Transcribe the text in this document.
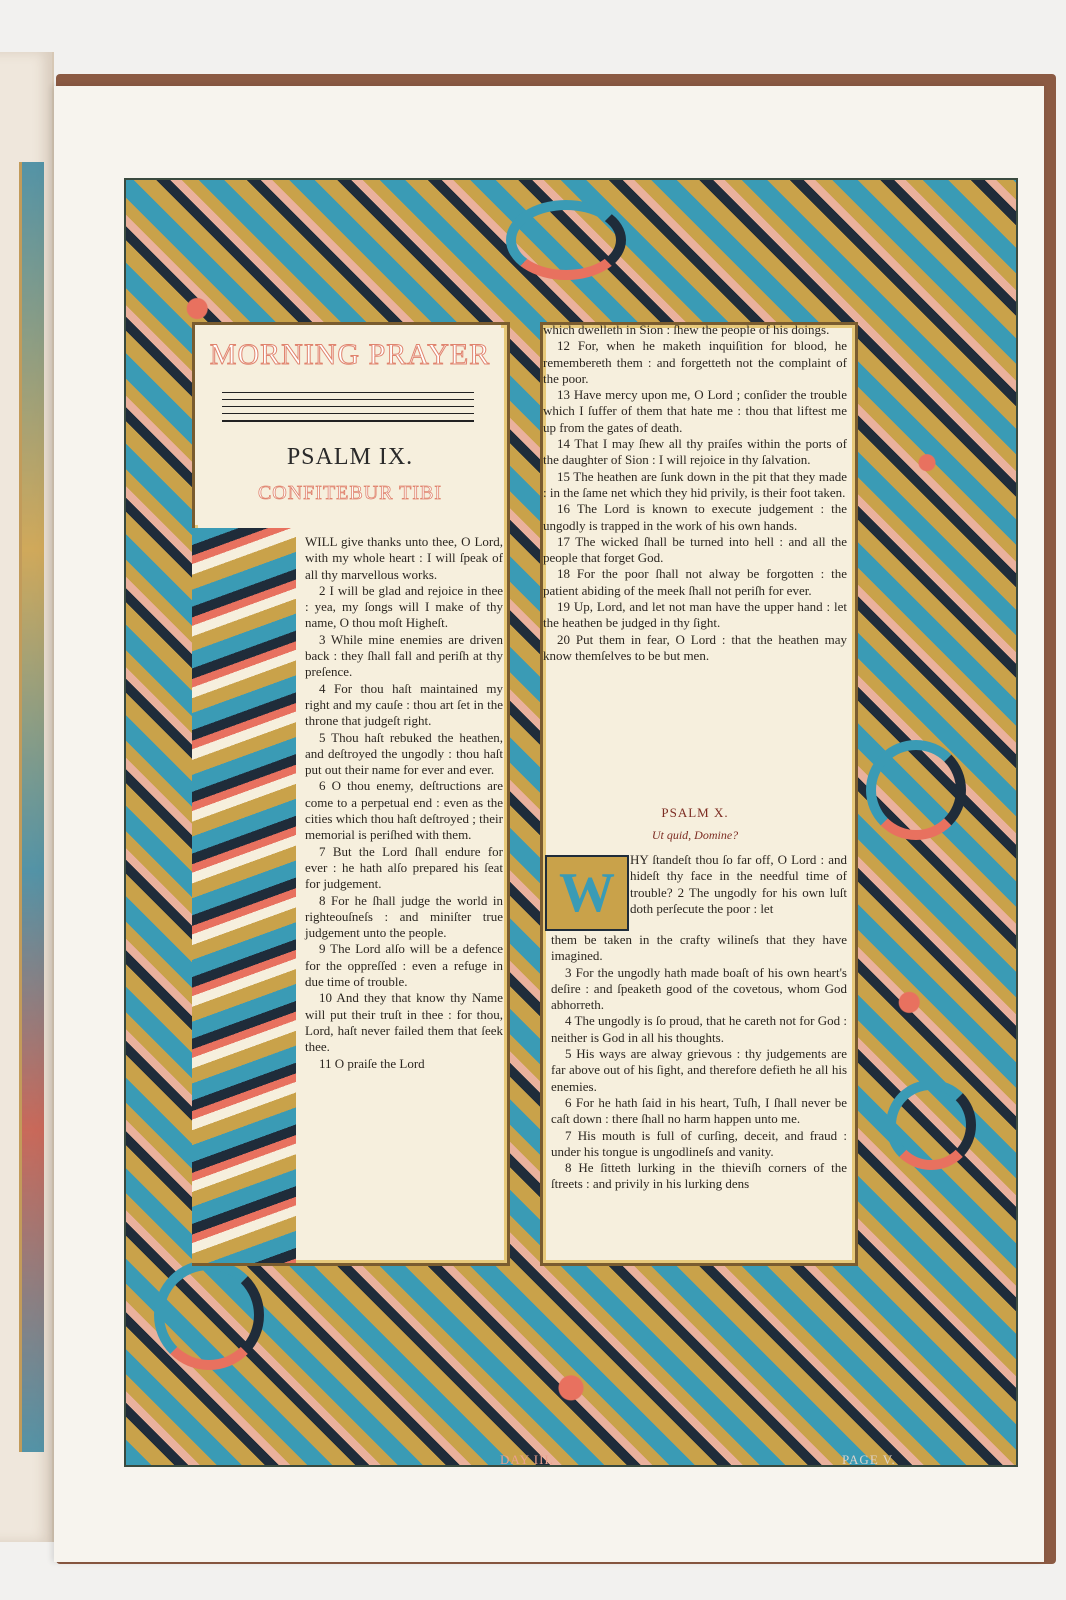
MORNING PRAYER
PSALM IX.
CONFITEBUR TIBI

WILL give thanks unto thee, O Lord, with my whole heart : I will ſpeak of all thy marvellous works.

2 I will be glad and rejoice in thee : yea, my ſongs will I make of thy name, O thou moſt Higheſt.

3 While mine enemies are driven back : they ſhall fall and periſh at thy preſence.

4 For thou haſt maintained my right and my cauſe : thou art ſet in the throne that judgeſt right.

5 Thou haſt rebuked the heathen, and deſtroyed the ungodly : thou haſt put out their name for ever and ever.

6 O thou enemy, deſtructions are come to a perpetual end : even as the cities which thou haſt deſtroyed ; their memorial is periſhed with them.

7 But the Lord ſhall endure for ever : he hath alſo prepared his ſeat for judgement.

8 For he ſhall judge the world in righteouſneſs : and miniſter true judgement unto the people.

9 The Lord alſo will be a defence for the oppreſſed : even a refuge in due time of trouble.

10 And they that know thy Name will put their truſt in thee : for thou, Lord, haſt never failed them that ſeek thee.

11 O praiſe the Lord

which dwelleth in Sion : ſhew the people of his doings.

12 For, when he maketh inquiſition for blood, he remembereth them : and forgetteth not the complaint of the poor.

13 Have mercy upon me, O Lord ; conſider the trouble which I ſuffer of them that hate me : thou that liftest me up from the gates of death.

14 That I may ſhew all thy praiſes within the ports of the daughter of Sion : I will rejoice in thy ſalvation.

15 The heathen are ſunk down in the pit that they made : in the ſame net which they hid privily, is their foot taken.

16 The Lord is known to execute judgement : the ungodly is trapped in the work of his own hands.

17 The wicked ſhall be turned into hell : and all the people that forget God.

18 For the poor ſhall not alway be forgotten : the patient abiding of the meek ſhall not periſh for ever.

19 Up, Lord, and let not man have the upper hand : let the heathen be judged in thy ſight.

20 Put them in fear, O Lord : that the heathen may know themſelves to be but men.

PSALM X.
Ut quid, Domine?
W

HY ſtandeſt thou ſo far off, O Lord : and hideſt thy face in the needful time of trouble? 2 The ungodly for his own luſt doth perſecute the poor : let

them be taken in the crafty wilineſs that they have imagined.

3 For the ungodly hath made boaſt of his own heart's deſire : and ſpeaketh good of the covetous, whom God abhorreth.

4 The ungodly is ſo proud, that he careth not for God : neither is God in all his thoughts.

5 His ways are alway grievous : thy judgements are far above out of his ſight, and therefore defieth he all his enemies.

6 For he hath ſaid in his heart, Tuſh, I ſhall never be caſt down : there ſhall no harm happen unto me.

7 His mouth is full of curſing, deceit, and fraud : under his tongue is ungodlineſs and vanity.

8 He ſitteth lurking in the thieviſh corners of the ſtreets : and privily in his lurking dens

DAY III.	PAGE V.
